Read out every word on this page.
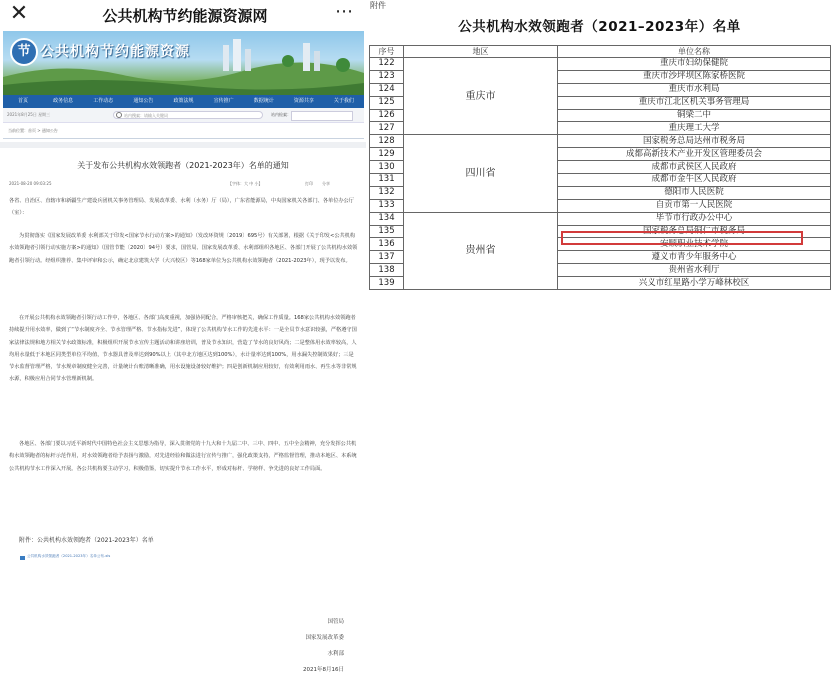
✕	公共机构节约能源资源网	⋯
节 公共机构节约能源资源
首页	政务信息	工作动态	通知公告	政策法规	宣传推广	数据统计	资源共享	关于我们
2021年8月25日 星期三	站内搜索：请输入关键词	站内检索：
当前位置：首页 > 通知公告
关于发布公共机构水效领跑者（2021-2023年）名单的通知
2021-08-20 09:03:25	【字体：大 中 小】	打印 分享

各省、自治区、直辖市和新疆生产建设兵团机关事务管理局、发展改革委、水利（水务）厅（局），广东省能源局，中央国家机关各部门、各单位办公厅（室）：

为贯彻落实《国家发展改革委 水利部关于印发<国家节水行动方案>的通知》（发改环资规〔2019〕695号）有关部署，根据《关于印发<公共机构水效领跑者引领行动实施方案>的通知》（国管节能〔2020〕94号）要求，国管局、国家发展改革委、水利部组织各地区、各部门开展了公共机构水效领跑者引领行动。经组织推荐、集中评审和公示，确定北京建筑大学（大兴校区）等168家单位为公共机构水效领跑者（2021-2023年），现予以发布。

在开展公共机构水效领跑者引领行动工作中，各地区、各部门高度重视，加强协同配合，严格审核把关，确保工作质量。168家公共机构水效领跑者持续提升用水效率，做到了“节水制度齐全、节水管理严格、节水指标先进”，体现了公共机构节水工作的先进水平：一是全员节水意识较强，严格遵守国家法律法规和地方相关节水政策标准，积极组织开展节水宣传主题活动和讲座培训，普及节水知识，营造了节水的良好风尚；二是整体用水效率较高，人均用水量低于本地区同类型单位平均值，节水器具普及率达到90%以上（其中北方地区达到100%），水计量率达到100%，用水漏失控制效果好；三是节水监督管理严格，节水规章制度健全完善，计量统计台账清晰准确，用水设施设备较好维护；四是创新机制应用较好，有效利用雨水、再生水等非常规水源，积极应用合同节水管理新机制。

各地区、各部门要以习近平新时代中国特色社会主义思想为指导，深入贯彻党的十九大和十九届二中、三中、四中、五中全会精神，充分发挥公共机构水效领跑者的标杆示范作用，对水效领跑者给予表扬与激励，对先进经验和做法进行宣传与推广，强化政策支持，严格监督管理，推动本地区、本系统公共机构节水工作深入开展。各公共机构要主动学习，积极借鉴，切实提升节水工作水平，形成对标杆、学榜样、争先进的良好工作局面。

附件：公共机构水效领跑者（2021-2023年）名单
公共机构水效领跑者（2021-2023年）名单公布.xls
国管局
国家发展改革委
水利部
2021年8月16日
附件
公共机构水效领跑者（2021–2023年）名单
序号	地区	单位名称
122	重庆市	重庆市妇幼保健院
123		重庆市沙坪坝区陈家桥医院
124		重庆市水利局
125		重庆市江北区机关事务管理局
126		铜梁二中
127		重庆理工大学
128	四川省	国家税务总局达州市税务局
129		成都高新技术产业开发区管理委员会
130		成都市武侯区人民政府
131		成都市金牛区人民政府
132		德阳市人民医院
133		自贡市第一人民医院
134	贵州省	毕节市行政办公中心
135		国家税务总局铜仁市税务局
136		安顺职业技术学院
137		遵义市青少年服务中心
138		贵州省水利厅
139		兴义市红星路小学万峰林校区
